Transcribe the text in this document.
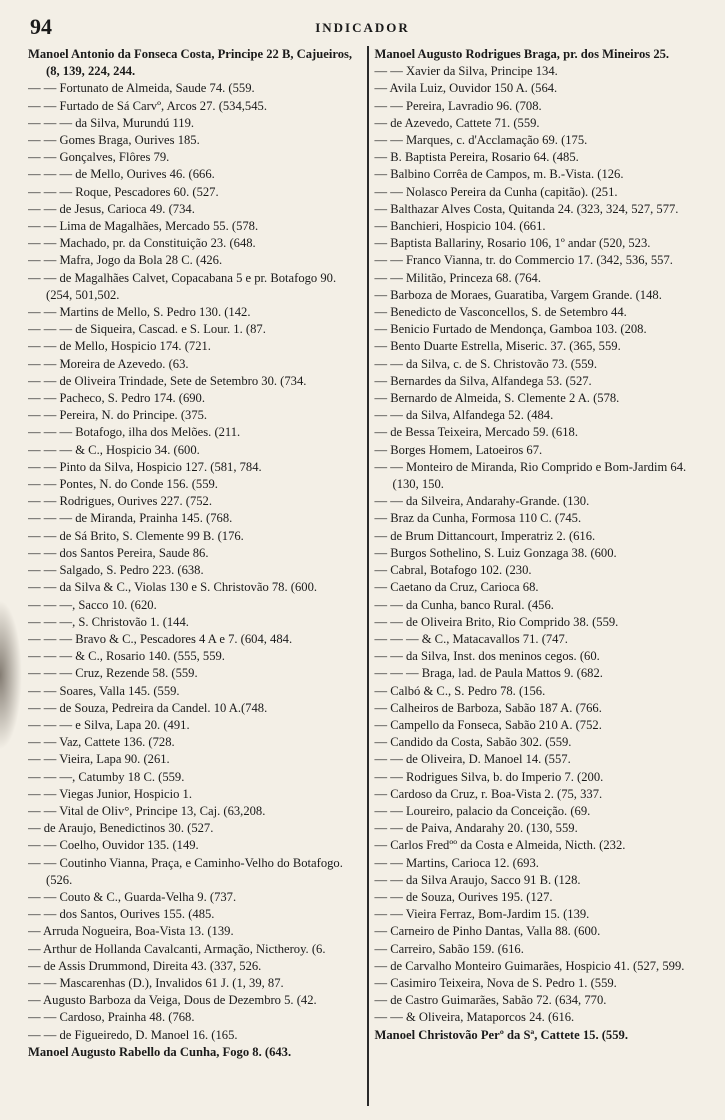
94	INDICADOR

Manoel Antonio da Fonseca Costa, Principe 22 B, Cajueiros, (8, 139, 224, 244.

— — Fortunato de Almeida, Saude 74. (559.

— — Furtado de Sá Carvº, Arcos 27. (534,545.

— — — da Silva, Murundú 119.

— — Gomes Braga, Ourives 185.

— — Gonçalves, Flôres 79.

— — — de Mello, Ourives 46. (666.

— — — Roque, Pescadores 60. (527.

— — de Jesus, Carioca 49. (734.

— — Lima de Magalhães, Mercado 55. (578.

— — Machado, pr. da Constituição 23. (648.

— — Mafra, Jogo da Bola 28 C. (426.

— — de Magalhães Calvet, Copacabana 5 e pr. Botafogo 90. (254, 501,502.

— — Martins de Mello, S. Pedro 130. (142.

— — — de Siqueira, Cascad. e S. Lour. 1. (87.

— — de Mello, Hospicio 174. (721.

— — Moreira de Azevedo. (63.

— — de Oliveira Trindade, Sete de Setembro 30. (734.

— — Pacheco, S. Pedro 174. (690.

— — Pereira, N. do Principe. (375.

— — — Botafogo, ilha dos Melões. (211.

— — — & C., Hospicio 34. (600.

— — Pinto da Silva, Hospicio 127. (581, 784.

— — Pontes, N. do Conde 156. (559.

— — Rodrigues, Ourives 227. (752.

— — — de Miranda, Prainha 145. (768.

— — de Sá Brito, S. Clemente 99 B. (176.

— — dos Santos Pereira, Saude 86.

— — Salgado, S. Pedro 223. (638.

— — da Silva & C., Violas 130 e S. Christovão 78. (600.

— — —, Sacco 10. (620.

— — —, S. Christovão 1. (144.

— — — Bravo & C., Pescadores 4 A e 7. (604, 484.

— — — & C., Rosario 140. (555, 559.

— — — Cruz, Rezende 58. (559.

— — Soares, Valla 145. (559.

— — de Souza, Pedreira da Candel. 10 A.(748.

— — — e Silva, Lapa 20. (491.

— — Vaz, Cattete 136. (728.

— — Vieira, Lapa 90. (261.

— — —, Catumby 18 C. (559.

— — Viegas Junior, Hospicio 1.

— — Vital de Oliv°, Principe 13, Caj. (63,208.

— de Araujo, Benedictinos 30. (527.

— — Coelho, Ouvidor 135. (149.

— — Coutinho Vianna, Praça, e Caminho-Velho do Botafogo. (526.

— — Couto & C., Guarda-Velha 9. (737.

— — dos Santos, Ourives 155. (485.

— Arruda Nogueira, Boa-Vista 13. (139.

— Arthur de Hollanda Cavalcanti, Armação, Nictheroy. (6.

— de Assis Drummond, Direita 43. (337, 526.

— — Mascarenhas (D.), Invalidos 61 J. (1, 39, 87.

— Augusto Barboza da Veiga, Dous de Dezembro 5. (42.

— — Cardoso, Prainha 48. (768.

— — de Figueiredo, D. Manoel 16. (165.

Manoel Augusto Rabello da Cunha, Fogo 8. (643.

Manoel Augusto Rodrigues Braga, pr. dos Mineiros 25.

— — Xavier da Silva, Principe 134.

— Avila Luiz, Ouvidor 150 A. (564.

— — Pereira, Lavradio 96. (708.

— de Azevedo, Cattete 71. (559.

— — Marques, c. d'Acclamação 69. (175.

— B. Baptista Pereira, Rosario 64. (485.

— Balbino Corrêa de Campos, m. B.-Vista. (126.

— — Nolasco Pereira da Cunha (capitão). (251.

— Balthazar Alves Costa, Quitanda 24. (323, 324, 527, 577.

— Banchieri, Hospicio 104. (661.

— Baptista Ballariny, Rosario 106, 1º andar (520, 523.

— — Franco Vianna, tr. do Commercio 17. (342, 536, 557.

— — Militão, Princeza 68. (764.

— Barboza de Moraes, Guaratiba, Vargem Grande. (148.

— Benedicto de Vasconcellos, S. de Setembro 44.

— Benicio Furtado de Mendonça, Gamboa 103. (208.

— Bento Duarte Estrella, Miseric. 37. (365, 559.

— — da Silva, c. de S. Christovão 73. (559.

— Bernardes da Silva, Alfandega 53. (527.

— Bernardo de Almeida, S. Clemente 2 A. (578.

— — da Silva, Alfandega 52. (484.

— de Bessa Teixeira, Mercado 59. (618.

— Borges Homem, Latoeiros 67.

— — Monteiro de Miranda, Rio Comprido e Bom-Jardim 64. (130, 150.

— — da Silveira, Andarahy-Grande. (130.

— Braz da Cunha, Formosa 110 C. (745.

— de Brum Dittancourt, Imperatriz 2. (616.

— Burgos Sothelino, S. Luiz Gonzaga 38. (600.

— Cabral, Botafogo 102. (230.

— Caetano da Cruz, Carioca 68.

— — da Cunha, banco Rural. (456.

— — de Oliveira Brito, Rio Comprido 38. (559.

— — — & C., Matacavallos 71. (747.

— — da Silva, Inst. dos meninos cegos. (60.

— — — Braga, lad. de Paula Mattos 9. (682.

— Calbó & C., S. Pedro 78. (156.

— Calheiros de Barboza, Sabão 187 A. (766.

— Campello da Fonseca, Sabão 210 A. (752.

— Candido da Costa, Sabão 302. (559.

— — de Oliveira, D. Manoel 14. (557.

— — Rodrigues Silva, b. do Imperio 7. (200.

— Cardoso da Cruz, r. Boa-Vista 2. (75, 337.

— — Loureiro, palacio da Conceição. (69.

— — de Paiva, Andarahy 20. (130, 559.

— Carlos Fredºº da Costa e Almeida, Nicth. (232.

— — Martins, Carioca 12. (693.

— — da Silva Araujo, Sacco 91 B. (128.

— — de Souza, Ourives 195. (127.

— — Vieira Ferraz, Bom-Jardim 15. (139.

— Carneiro de Pinho Dantas, Valla 88. (600.

— Carreiro, Sabão 159. (616.

— de Carvalho Monteiro Guimarães, Hospicio 41. (527, 599.

— Casimiro Teixeira, Nova de S. Pedro 1. (559.

— de Castro Guimarães, Sabão 72. (634, 770.

— — & Oliveira, Mataporcos 24. (616.

Manoel Christovão Perº da Sª, Cattete 15. (559.
